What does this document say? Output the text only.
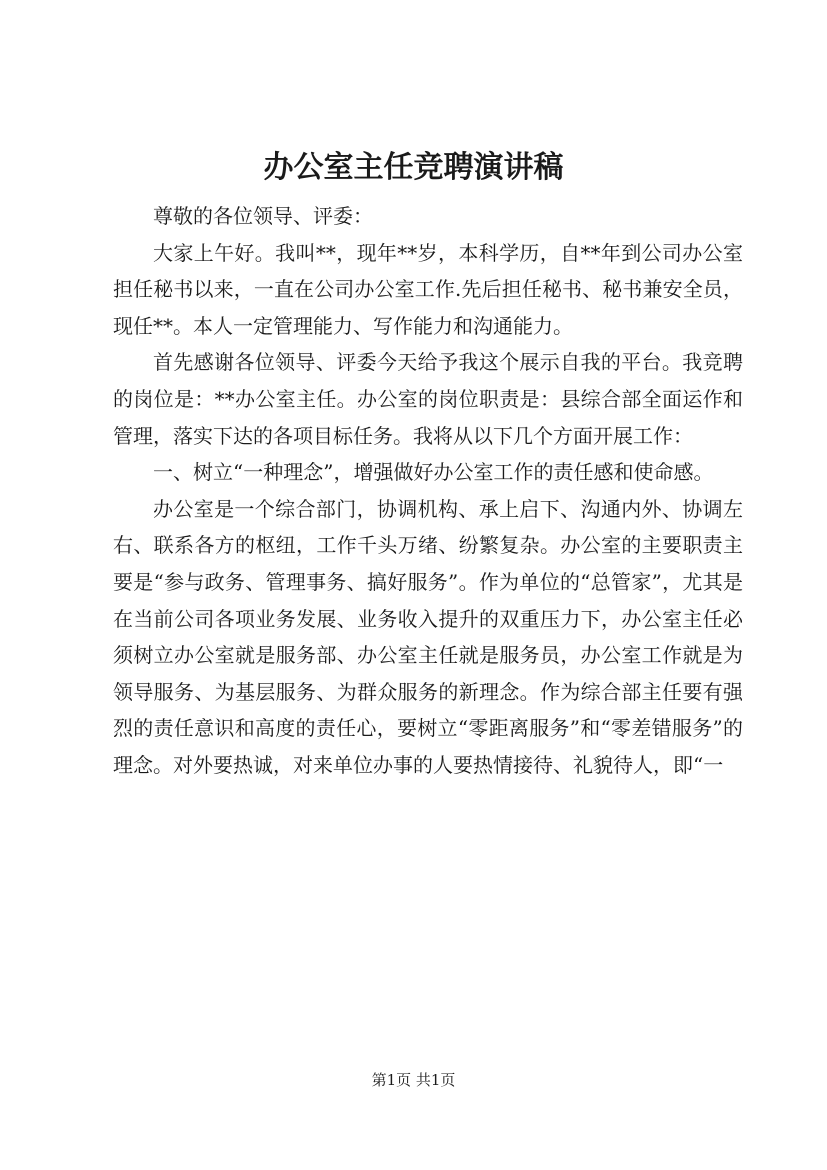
办公室主任竞聘演讲稿

尊敬的各位领导、评委：

大家上午好。我叫**，现年**岁，本科学历，自**年到公司办公室担任秘书以来，一直在公司办公室工作.先后担任秘书、秘书兼安全员，现任**。本人一定管理能力、写作能力和沟通能力。

首先感谢各位领导、评委今天给予我这个展示自我的平台。我竞聘的岗位是：**办公室主任。办公室的岗位职责是：县综合部全面运作和管理，落实下达的各项目标任务。我将从以下几个方面开展工作：

一、树立“一种理念”，增强做好办公室工作的责任感和使命感。

办公室是一个综合部门，协调机构、承上启下、沟通内外、协调左右、联系各方的枢纽，工作千头万绪、纷繁复杂。办公室的主要职责主要是“参与政务、管理事务、搞好服务”。作为单位的“总管家”，尤其是在当前公司各项业务发展、业务收入提升的双重压力下，办公室主任必须树立办公室就是服务部、办公室主任就是服务员，办公室工作就是为领导服务、为基层服务、为群众服务的新理念。作为综合部主任要有强烈的责任意识和高度的责任心，要树立“零距离服务”和“零差错服务”的理念。对外要热诚，对来单位办事的人要热情接待、礼貌待人，即“一

第1页 共1页
